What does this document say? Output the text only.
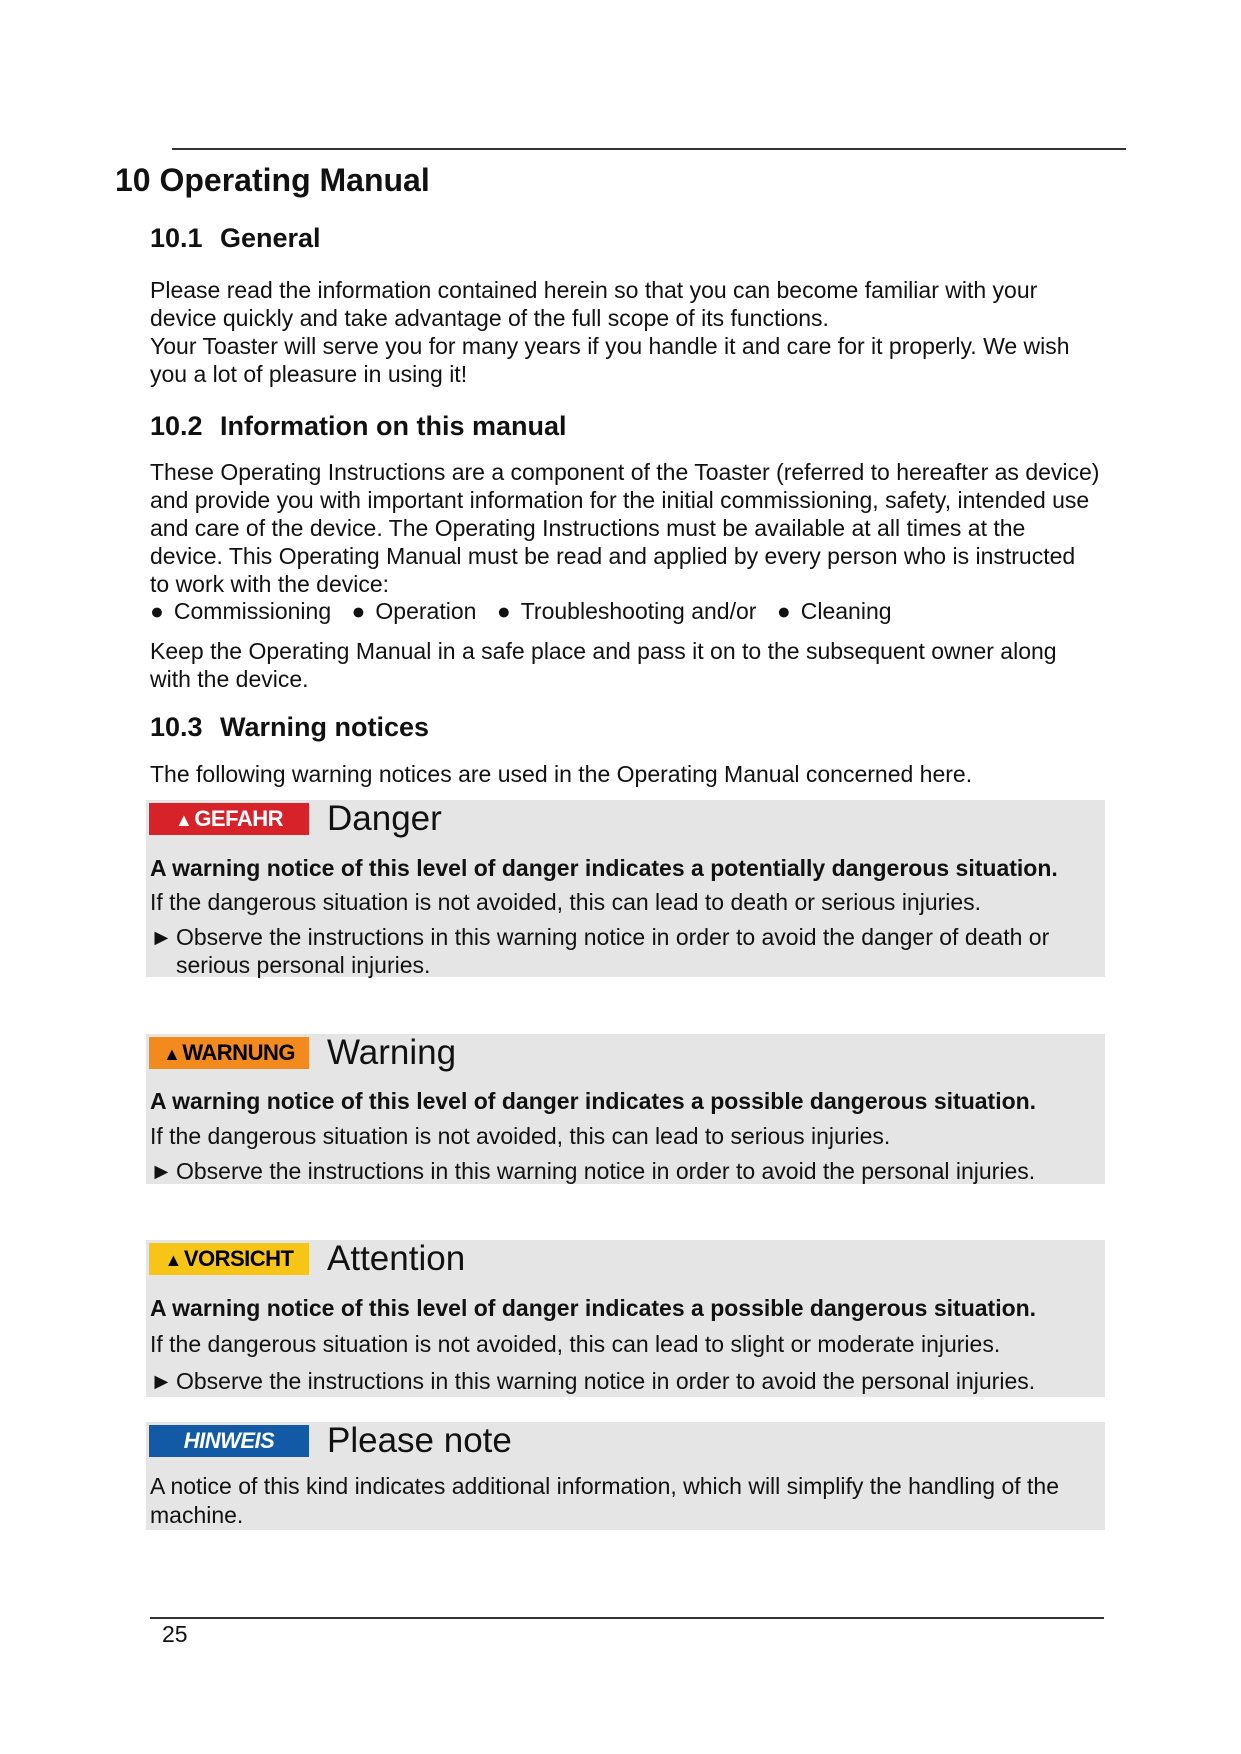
10 Operating Manual
10.1 General

Please read the information contained herein so that you can become familiar with your device quickly and take advantage of the full scope of its functions.

Your Toaster will serve you for many years if you handle it and care for it properly. We wish you a lot of pleasure in using it!

10.2 Information on this manual
These Operating Instructions are a component of the Toaster (referred to hereafter as device) and provide you with important information for the initial commissioning, safety, intended use and care of the device. The Operating Instructions must be available at all times at the device. This Operating Manual must be read and applied by every person who is instructed to work with the device:
● Commissioning ● Operation ● Troubleshooting and/or ● Cleaning
Keep the Operating Manual in a safe place and pass it on to the subsequent owner along with the device.
10.3 Warning notices
The following warning notices are used in the Operating Manual concerned here.
▲GEFAHR	Danger
A warning notice of this level of danger indicates a potentially dangerous situation.
If the dangerous situation is not avoided, this can lead to death or serious injuries.
► Observe the instructions in this warning notice in order to avoid the danger of death or
serious personal injuries.
▲WARNUNG Warning
A warning notice of this level of danger indicates a possible dangerous situation.
If the dangerous situation is not avoided, this can lead to serious injuries.
► Observe the instructions in this warning notice in order to avoid the personal injuries.
▲VORSICHT Attention
A warning notice of this level of danger indicates a possible dangerous situation.
If the dangerous situation is not avoided, this can lead to slight or moderate injuries.
► Observe the instructions in this warning notice in order to avoid the personal injuries.
HINWEIS	Please note
A notice of this kind indicates additional information, which will simplify the handling of the machine.
25
